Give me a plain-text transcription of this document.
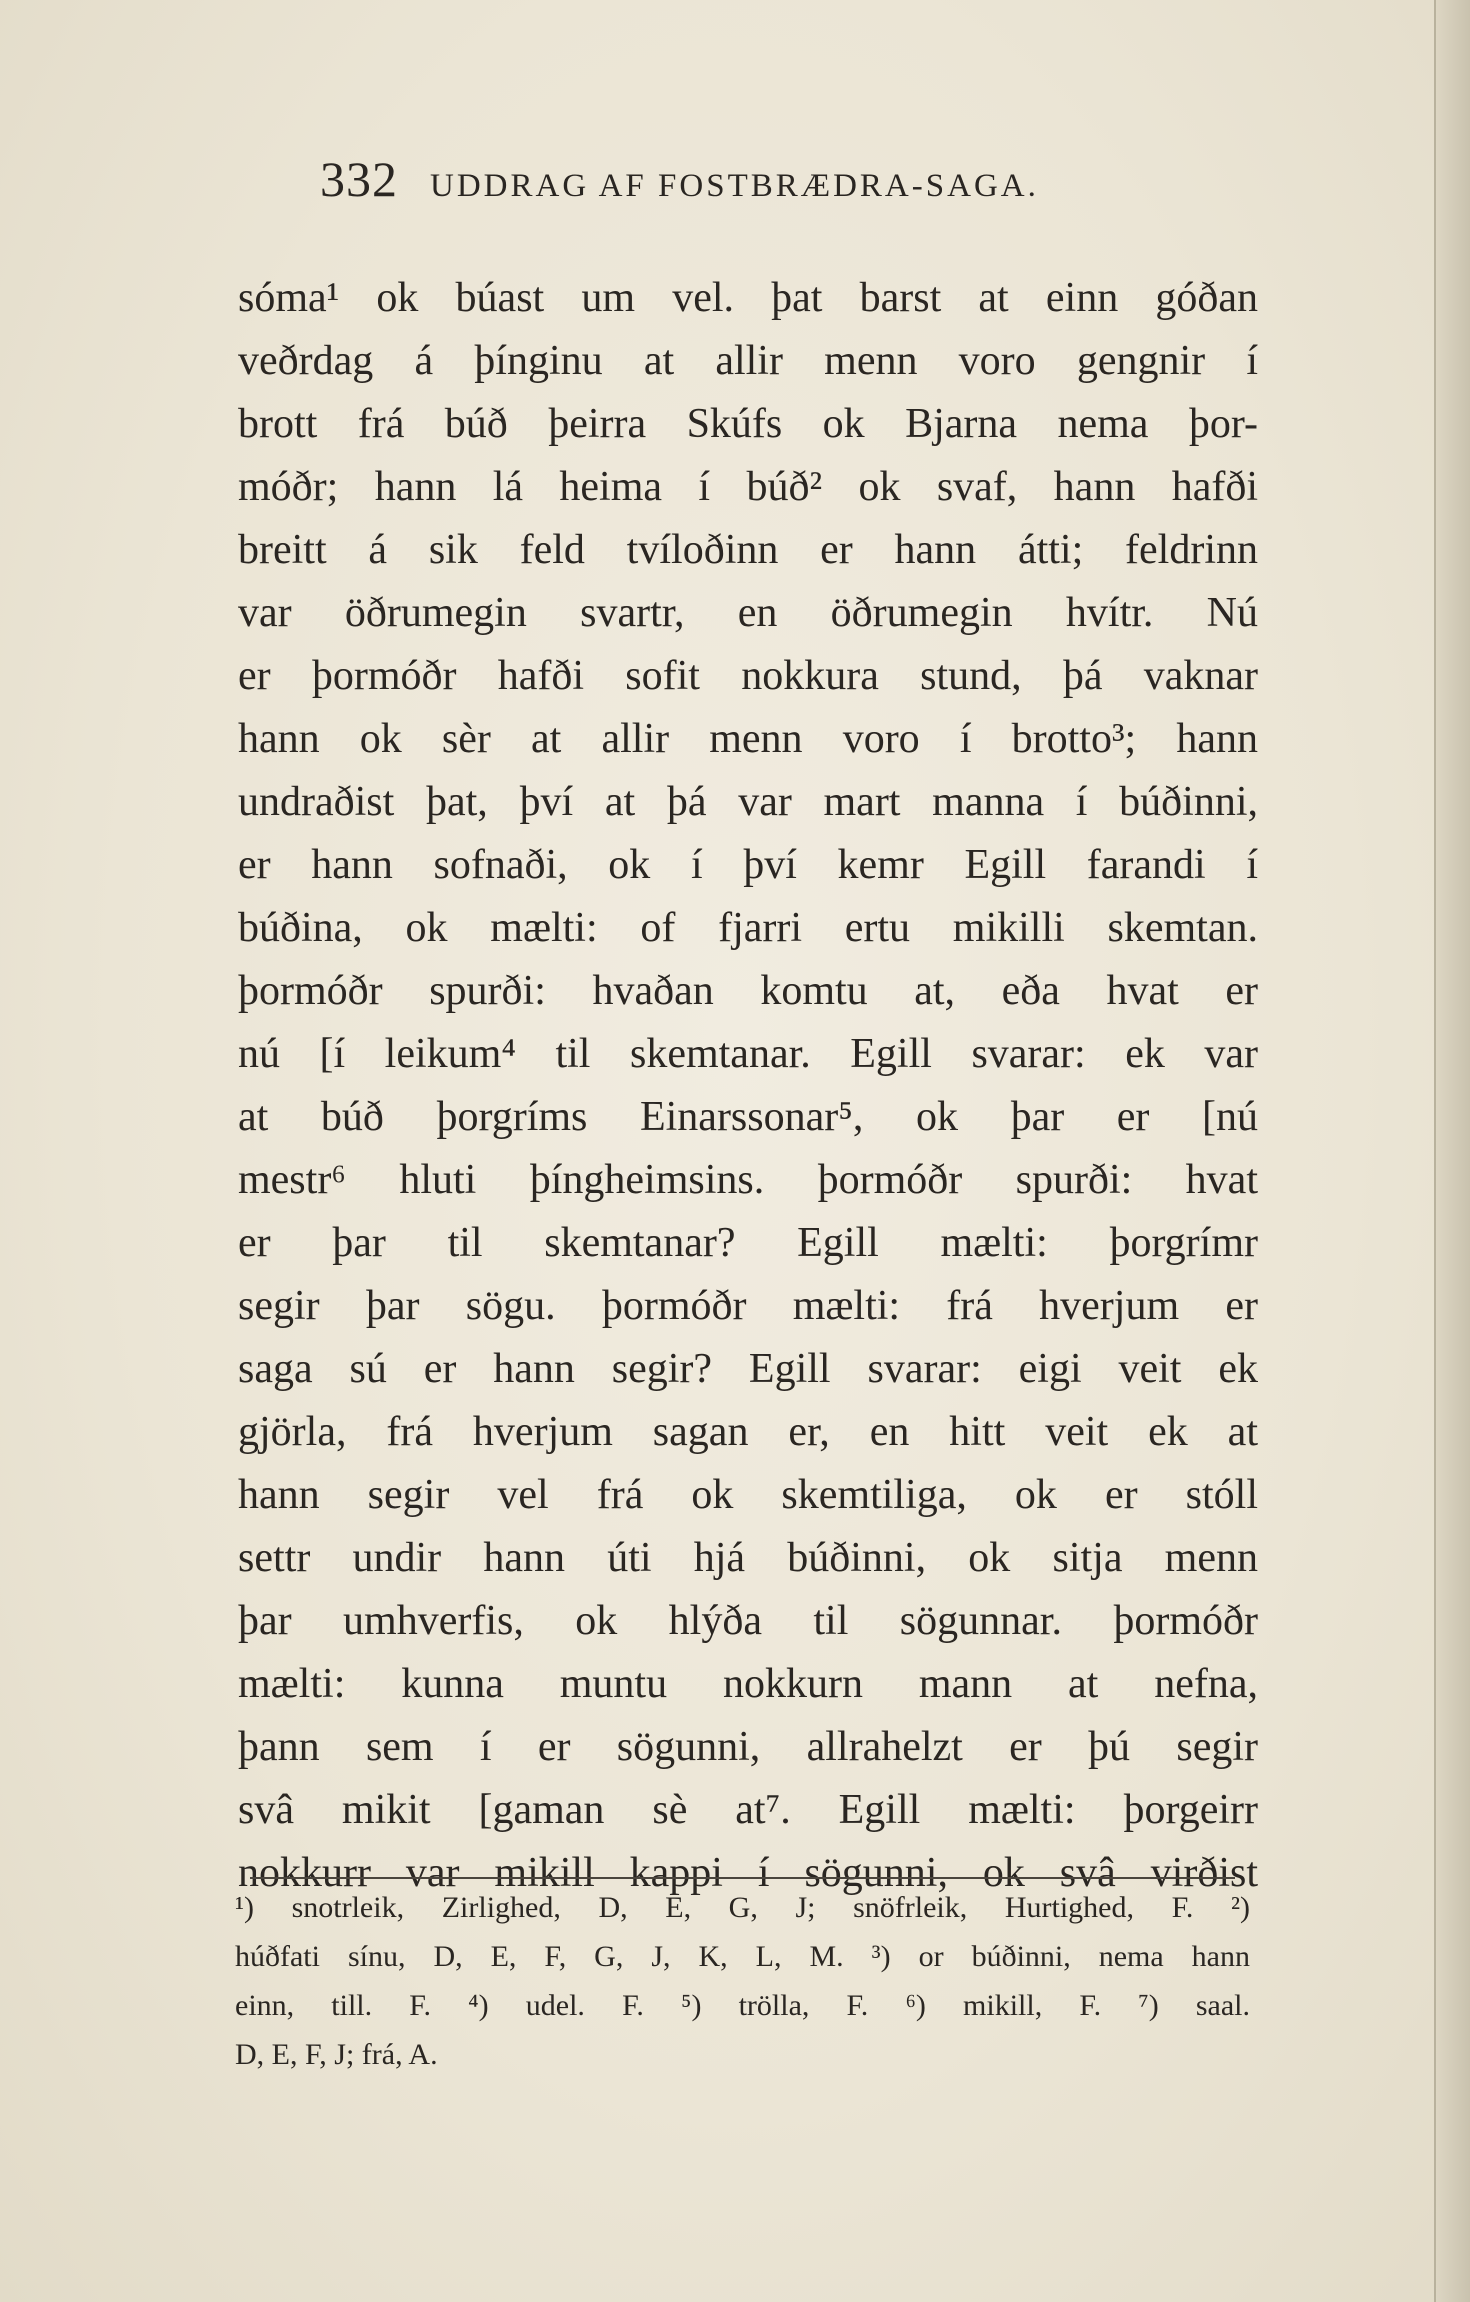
332 UDDRAG AF FOSTBRÆDRA-SAGA.
sóma¹ ok búast um vel. þat barst at einn góðan
veðrdag á þínginu at allir menn voro gengnir í
brott frá búð þeirra Skúfs ok Bjarna nema þor-
móðr; hann lá heima í búð² ok svaf, hann hafði
breitt á sik feld tvíloðinn er hann átti; feldrinn
var öðrumegin svartr, en öðrumegin hvítr. Nú
er þormóðr hafði sofit nokkura stund, þá vaknar
hann ok sèr at allir menn voro í brotto³; hann
undraðist þat, því at þá var mart manna í búðinni,
er hann sofnaði, ok í því kemr Egill farandi í
búðina, ok mælti: of fjarri ertu mikilli skemtan.
þormóðr spurði: hvaðan komtu at, eða hvat er
nú [í leikum⁴ til skemtanar. Egill svarar: ek var
at búð þorgríms Einarssonar⁵, ok þar er [nú
mestr⁶ hluti þíngheimsins. þormóðr spurði: hvat
er þar til skemtanar? Egill mælti: þorgrímr
segir þar sögu. þormóðr mælti: frá hverjum er
saga sú er hann segir? Egill svarar: eigi veit ek
gjörla, frá hverjum sagan er, en hitt veit ek at
hann segir vel frá ok skemtiliga, ok er stóll
settr undir hann úti hjá búðinni, ok sitja menn
þar umhverfis, ok hlýða til sögunnar. þormóðr
mælti: kunna muntu nokkurn mann at nefna,
þann sem í er sögunni, allrahelzt er þú segir
svâ mikit [gaman sè at⁷. Egill mælti: þorgeirr
nokkurr var mikill kappi í sögunni, ok svâ virðist
¹) snotrleik, Zirlighed, D, E, G, J; snöfrleik, Hurtighed, F. ²)
húðfati sínu, D, E, F, G, J, K, L, M. ³) or búðinni, nema hann
einn, till. F. ⁴) udel. F. ⁵) trölla, F. ⁶) mikill, F. ⁷) saal.
D, E, F, J; frá, A.
